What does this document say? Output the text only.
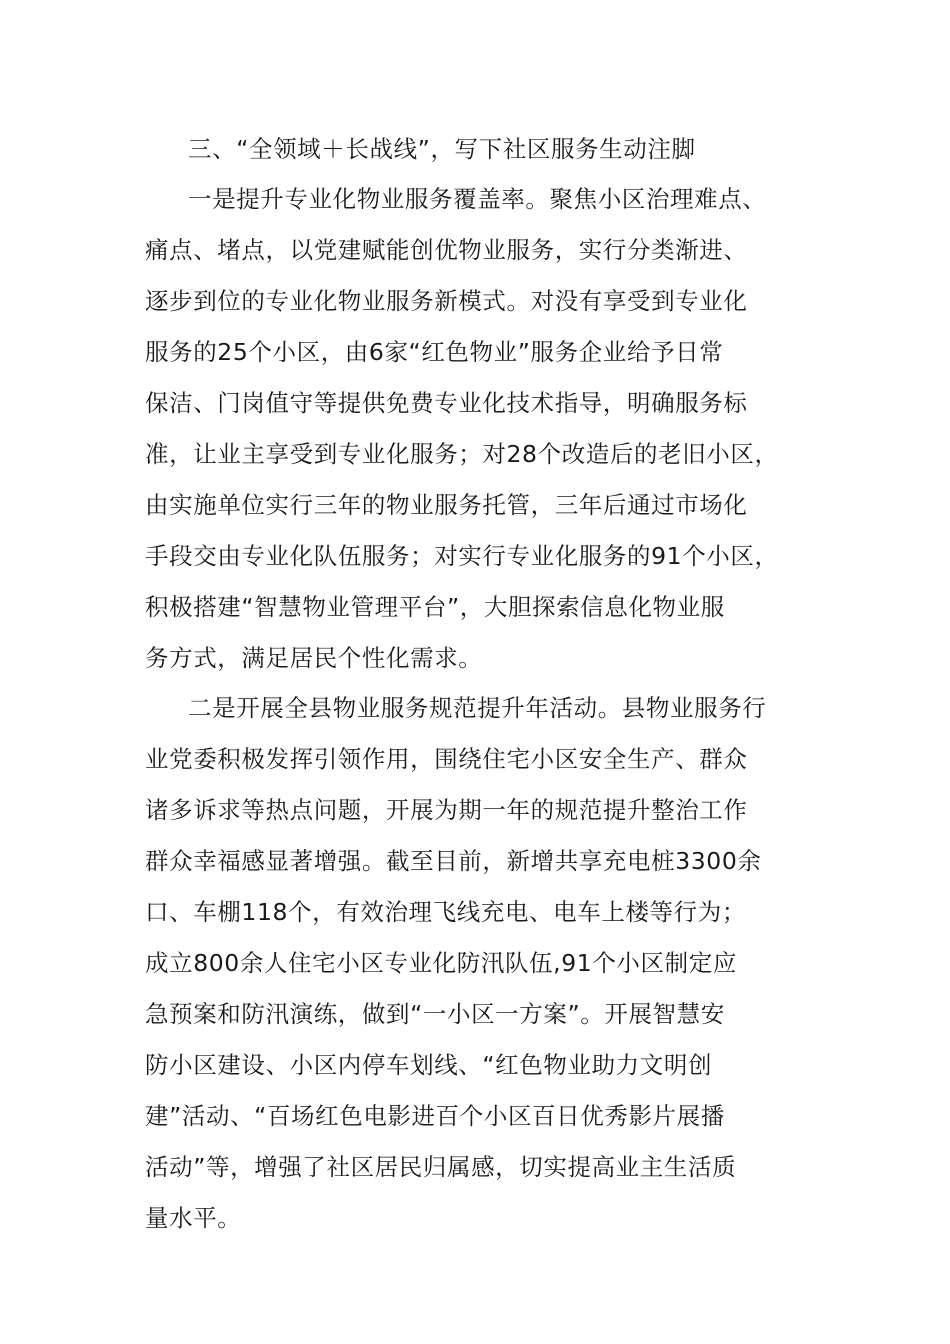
三、“全领域＋长战线”，写下社区服务生动注脚
一是提升专业化物业服务覆盖率。聚焦小区治理难点、
痛点、堵点，以党建赋能创优物业服务，实行分类渐进、
逐步到位的专业化物业服务新模式。对没有享受到专业化
服务的25个小区，由6家“红色物业”服务企业给予日常
保洁、门岗值守等提供免费专业化技术指导，明确服务标
准，让业主享受到专业化服务；对28个改造后的老旧小区，
由实施单位实行三年的物业服务托管，三年后通过市场化
手段交由专业化队伍服务；对实行专业化服务的91个小区，
积极搭建“智慧物业管理平台”，大胆探索信息化物业服
务方式，满足居民个性化需求。
二是开展全县物业服务规范提升年活动。县物业服务行
业党委积极发挥引领作用，围绕住宅小区安全生产、群众
诸多诉求等热点问题，开展为期一年的规范提升整治工作
群众幸福感显著增强。截至目前，新增共享充电桩3300余
口、车棚118个，有效治理飞线充电、电车上楼等行为；
成立800余人住宅小区专业化防汛队伍,91个小区制定应
急预案和防汛演练，做到“一小区一方案”。开展智慧安
防小区建设、小区内停车划线、“红色物业助力文明创
建”活动、“百场红色电影进百个小区百日优秀影片展播
活动”等，增强了社区居民归属感，切实提高业主生活质
量水平。
